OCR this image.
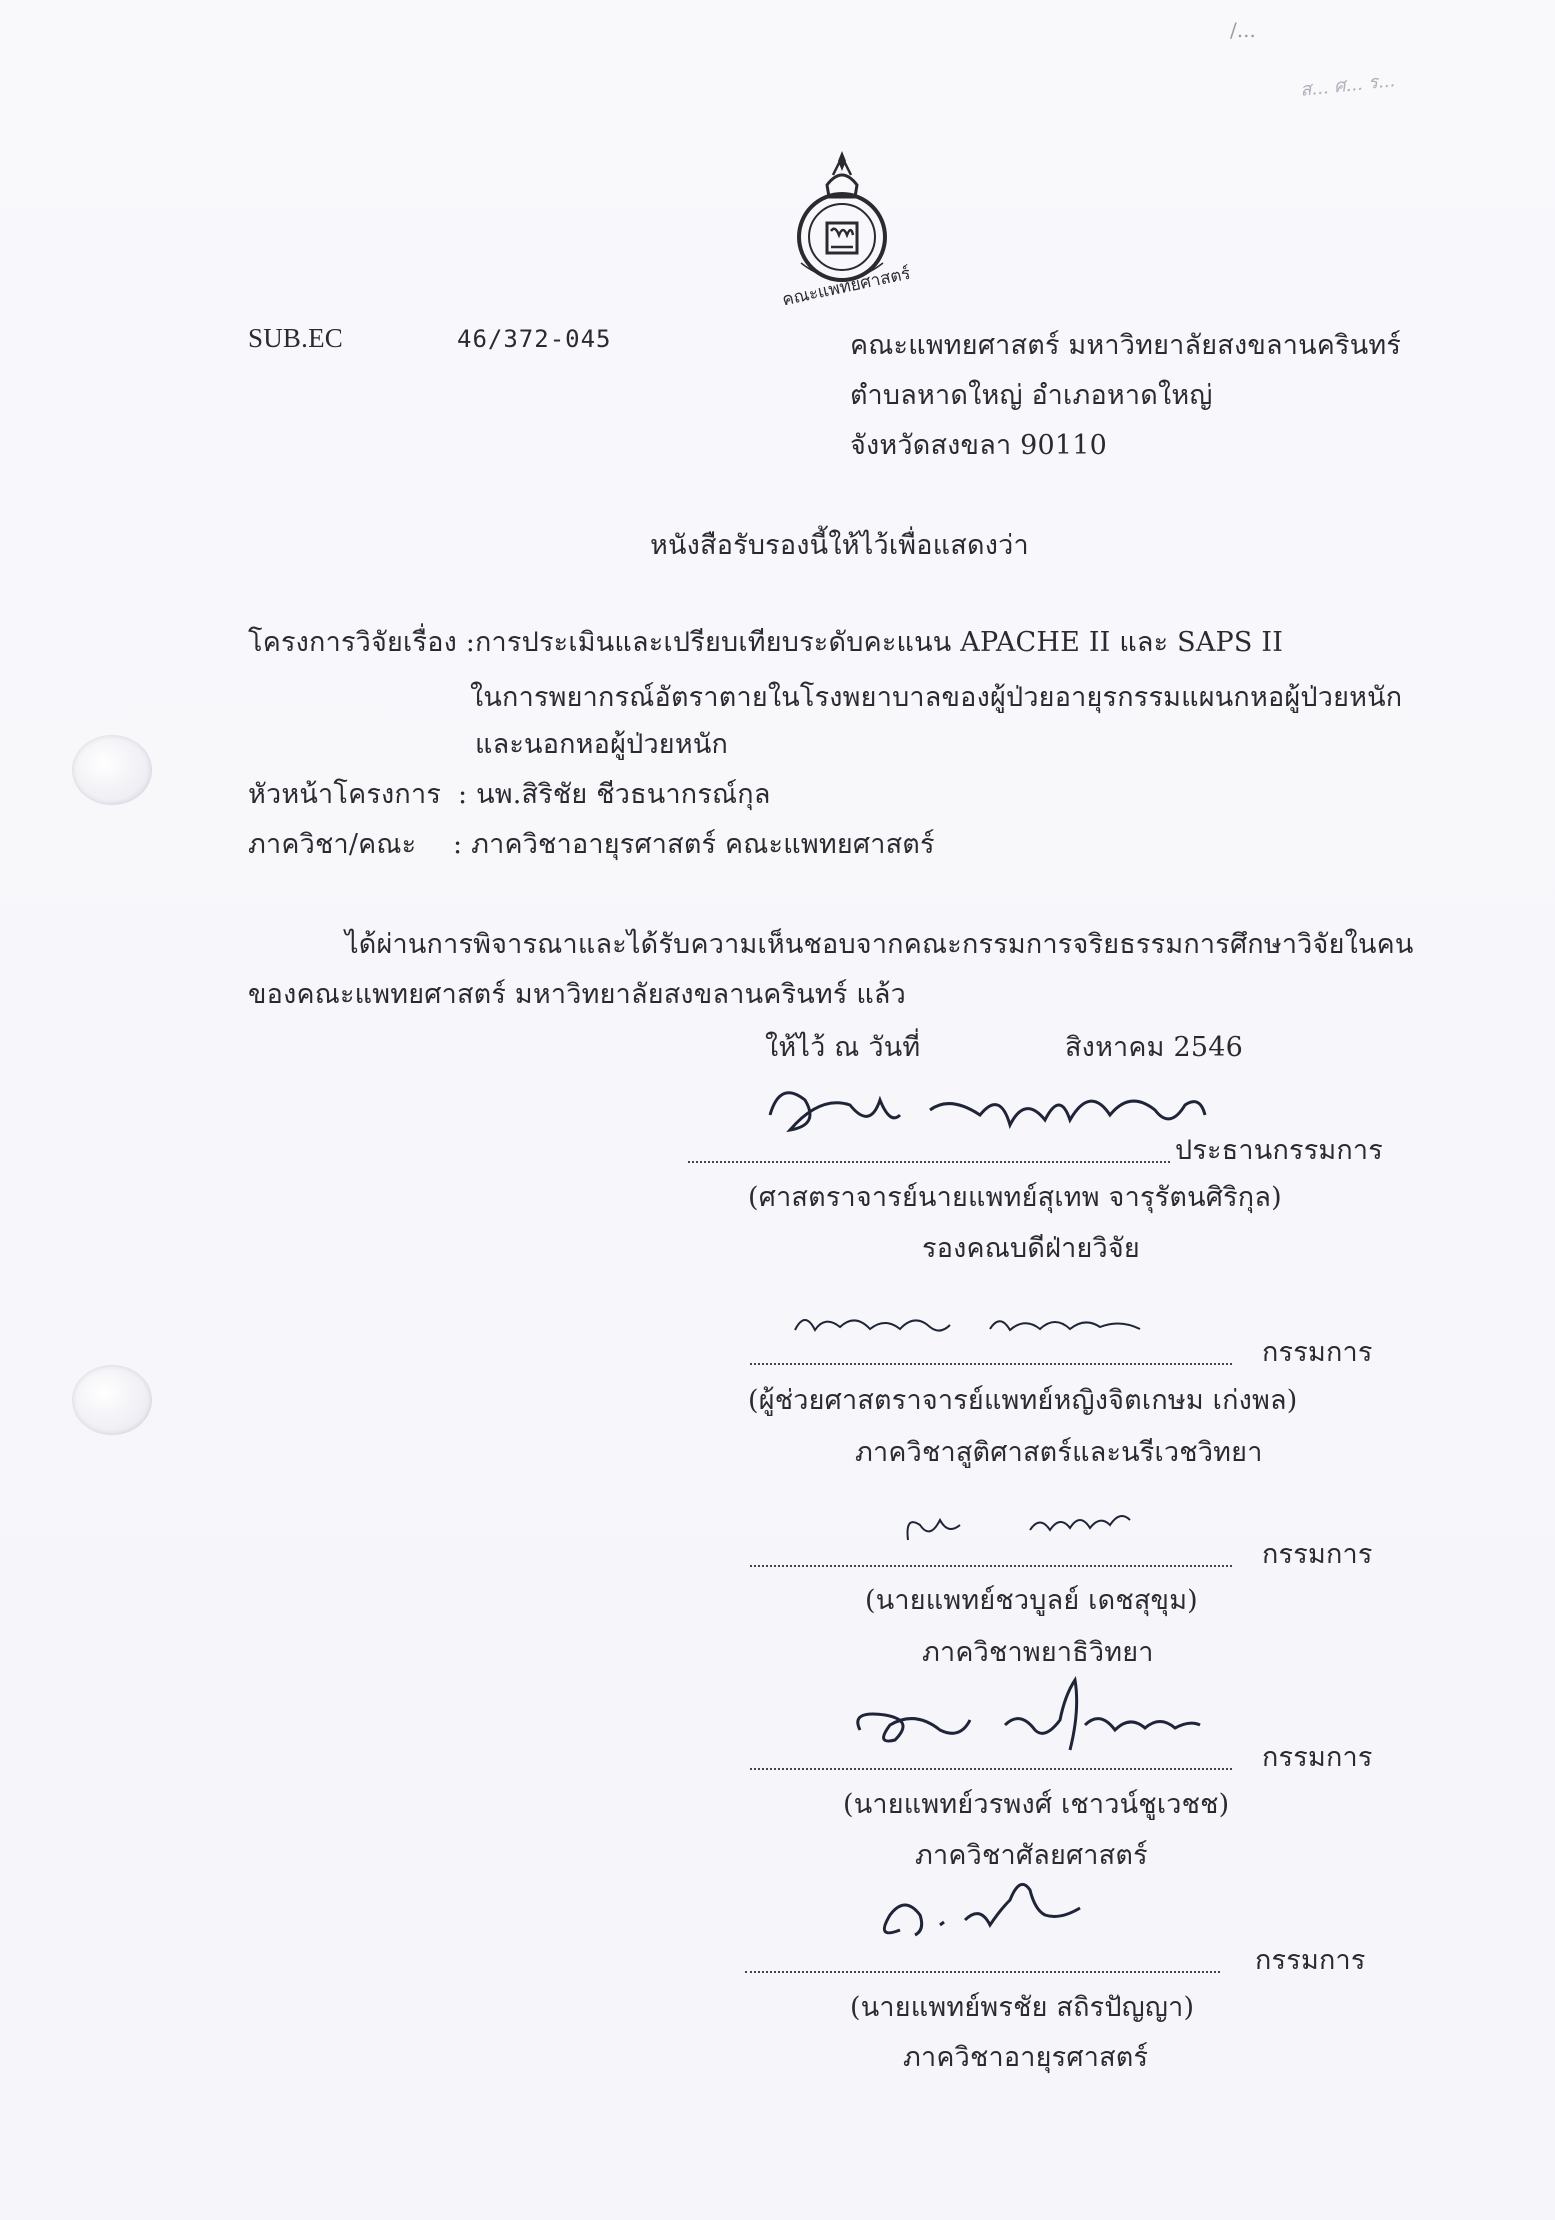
/...
ส... ศ... ร...
คณะแพทยศาสตร์
SUB.EC	46/372-045	คณะแพทยศาสตร์ มหาวิทยาลัยสงขลานครินทร์
ตำบลหาดใหญ่ อำเภอหาดใหญ่
จังหวัดสงขลา 90110
หนังสือรับรองนี้ให้ไว้เพื่อแสดงว่า
โครงการวิจัยเรื่อง : การประเมินและเปรียบเทียบระดับคะแนน APACHE II และ SAPS II
ในการพยากรณ์อัตราตายในโรงพยาบาลของผู้ป่วยอายุรกรรมแผนกหอผู้ป่วยหนัก
และนอกหอผู้ป่วยหนัก
หัวหน้าโครงการ : นพ.สิริชัย ชีวธนากรณ์กุล
ภาควิชา/คณะ : ภาควิชาอายุรศาสตร์ คณะแพทยศาสตร์
ได้ผ่านการพิจารณาและได้รับความเห็นชอบจากคณะกรรมการจริยธรรมการศึกษาวิจัยในคน
ของคณะแพทยศาสตร์ มหาวิทยาลัยสงขลานครินทร์ แล้ว
ให้ไว้ ณ วันที่	สิงหาคม 2546
ประธานกรรมการ
(ศาสตราจารย์นายแพทย์สุเทพ จารุรัตนศิริกุล)
รองคณบดีฝ่ายวิจัย
กรรมการ
(ผู้ช่วยศาสตราจารย์แพทย์หญิงจิตเกษม เก่งพล)
ภาควิชาสูติศาสตร์และนรีเวชวิทยา
กรรมการ
(นายแพทย์ชวบูลย์ เดชสุขุม)
ภาควิชาพยาธิวิทยา
กรรมการ
(นายแพทย์วรพงศ์ เชาวน์ชูเวชช)
ภาควิชาศัลยศาสตร์
กรรมการ
(นายแพทย์พรชัย สถิรปัญญา)
ภาควิชาอายุรศาสตร์
